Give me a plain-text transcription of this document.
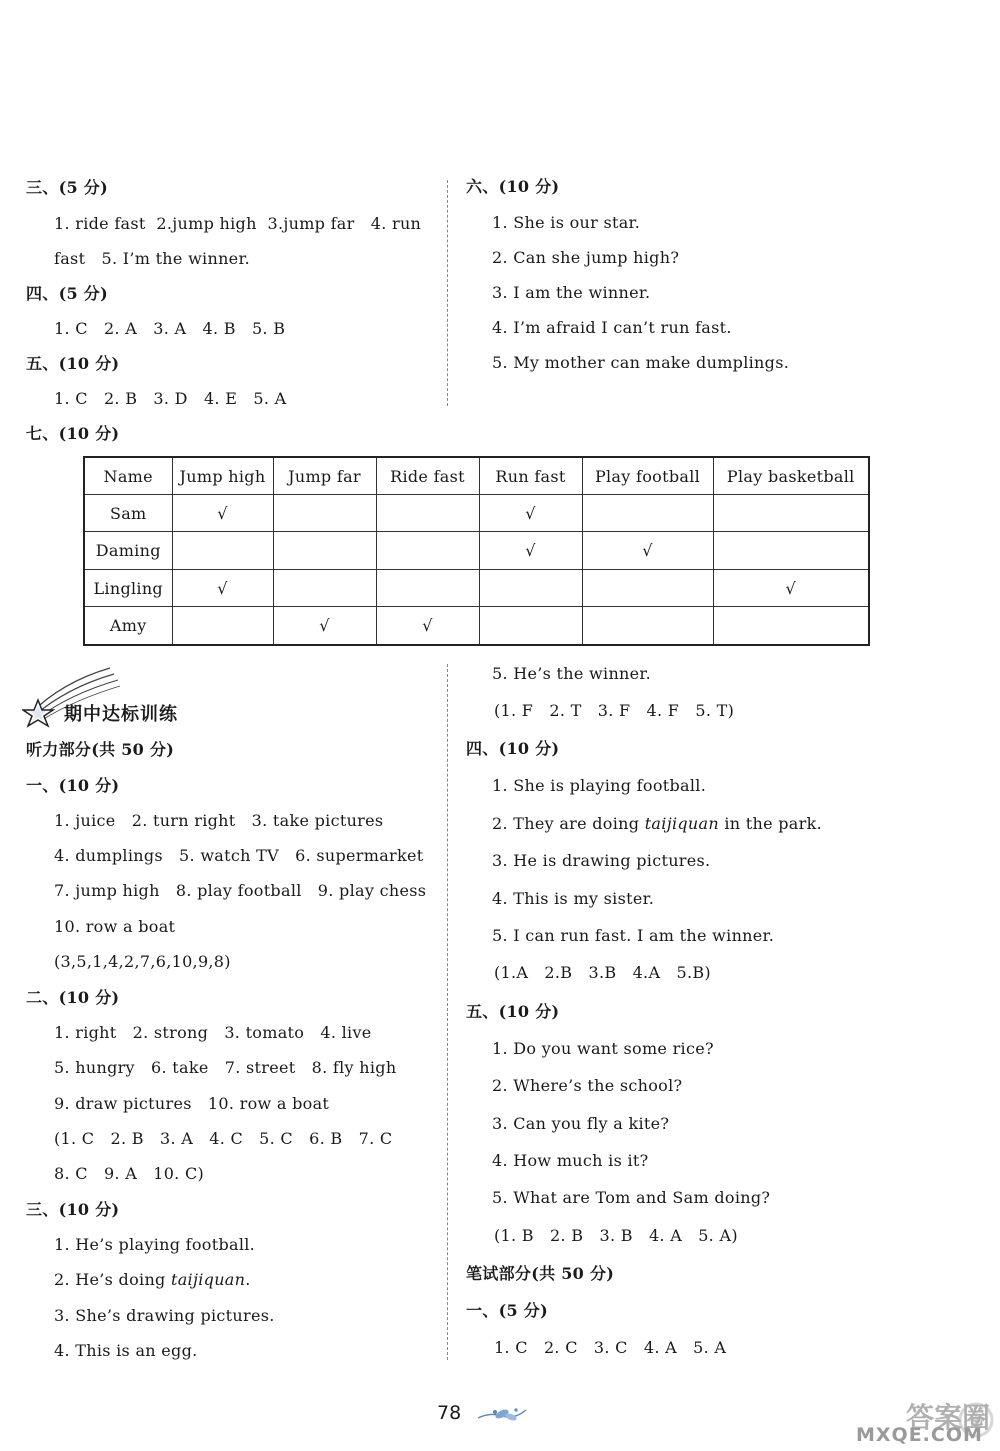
三、(5 分)
1. ride fast  2.jump high  3.jump far   4. run
fast   5. I’m the winner.
四、(5 分)
1. C   2. A   3. A   4. B   5. B
五、(10 分)
1. C   2. B   3. D   4. E   5. A
六、(10 分)
1. She is our star.
2. Can she jump high?
3. I am the winner.
4. I’m afraid I can’t run fast.
5. My mother can make dumplings.
七、(10 分)
Name	Jump high	Jump far	Ride fast	Run fast	Play football	Play basketball
Sam	√			√		
Daming				√	√	
Lingling	√					√
Amy		√	√			
期中达标训练
听力部分(共 50 分)
一、(10 分)
1. juice   2. turn right   3. take pictures
4. dumplings   5. watch TV   6. supermarket
7. jump high   8. play football   9. play chess
10. row a boat
(3,5,1,4,2,7,6,10,9,8)
二、(10 分)
1. right   2. strong   3. tomato   4. live
5. hungry   6. take   7. street   8. fly high
9. draw pictures   10. row a boat
(1. C   2. B   3. A   4. C   5. C   6. B   7. C
8. C   9. A   10. C)
三、(10 分)
1. He’s playing football.
2. He’s doing taijiquan.
3. She’s drawing pictures.
4. This is an egg.
5. He’s the winner.
(1. F   2. T   3. F   4. F   5. T)
四、(10 分)
1. She is playing football.
2. They are doing taijiquan in the park.
3. He is drawing pictures.
4. This is my sister.
5. I can run fast. I am the winner.
(1.A   2.B   3.B   4.A   5.B)
五、(10 分)
1. Do you want some rice?
2. Where’s the school?
3. Can you fly a kite?
4. How much is it?
5. What are Tom and Sam doing?
(1. B   2. B   3. B   4. A   5. A)
笔试部分(共 50 分)
一、(5 分)
1. C   2. C   3. C   4. A   5. A
78	答案圈
MXQE.COM
